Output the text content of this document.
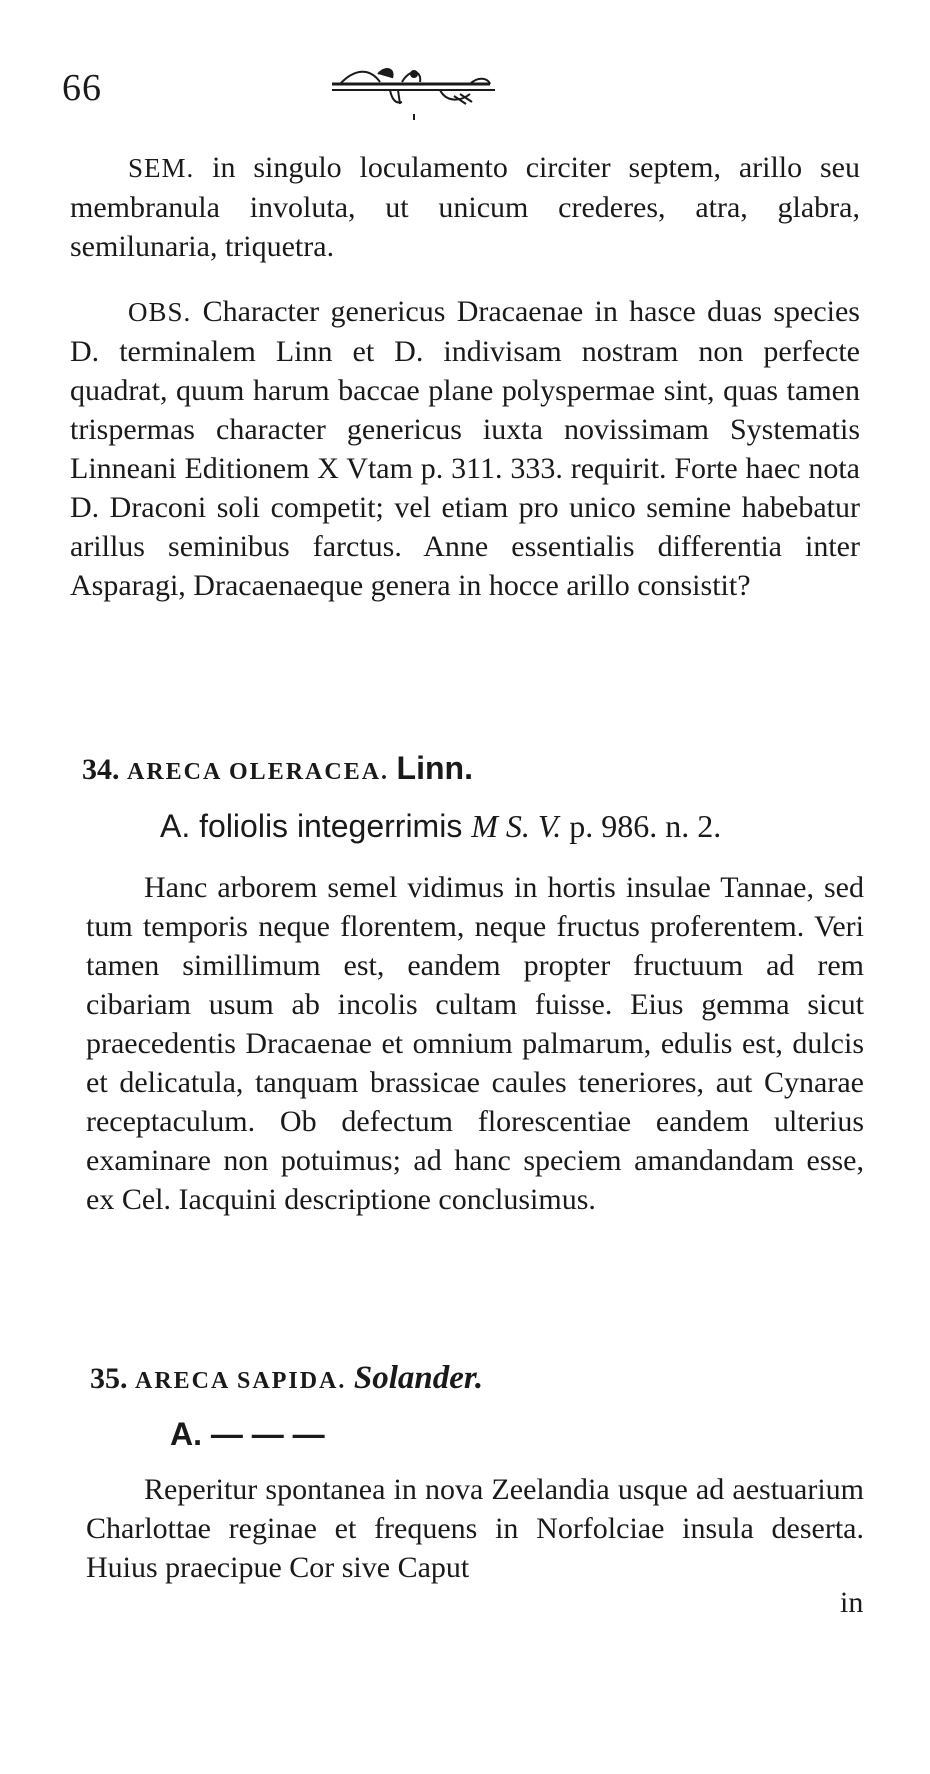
66
SEM. in singulo loculamento circiter septem, arillo seu membranula involuta, ut unicum crederes, atra, glabra, semilunaria, triquetra.
OBS. Character genericus Dracaenae in hasce duas species D. terminalem Linn et D. indivisam nostram non perfecte quadrat, quum harum baccae plane polyspermae sint, quas tamen trispermas character genericus iuxta novissimam Systematis Linneani Editionem X Vtam p. 311. 333. requirit. Forte haec nota D. Draconi soli competit; vel etiam pro unico semine habebatur arillus seminibus farctus. Anne essentialis differentia inter Asparagi, Dracaenaeque genera in hocce arillo consistit?
34. ARECA OLERACEA. Linn.
A. foliolis integerrimis M S. V. p. 986. n. 2.
Hanc arborem semel vidimus in hortis insulae Tannae, sed tum temporis neque florentem, neque fructus proferentem. Veri tamen simillimum est, eandem propter fructuum ad rem cibariam usum ab incolis cultam fuisse. Eius gemma sicut praecedentis Dracaenae et omnium palmarum, edulis est, dulcis et delicatula, tanquam brassicae caules teneriores, aut Cynarae receptaculum. Ob defectum florescentiae eandem ulterius examinare non potuimus; ad hanc speciem amandandam esse, ex Cel. Iacquini descriptione conclusimus.
35. ARECA SAPIDA. Solander.
A. — — —
Reperitur spontanea in nova Zeelandia usque ad aestuarium Charlottae reginae et frequens in Norfolciae insula deserta. Huius praecipue Cor sive Caput
in
